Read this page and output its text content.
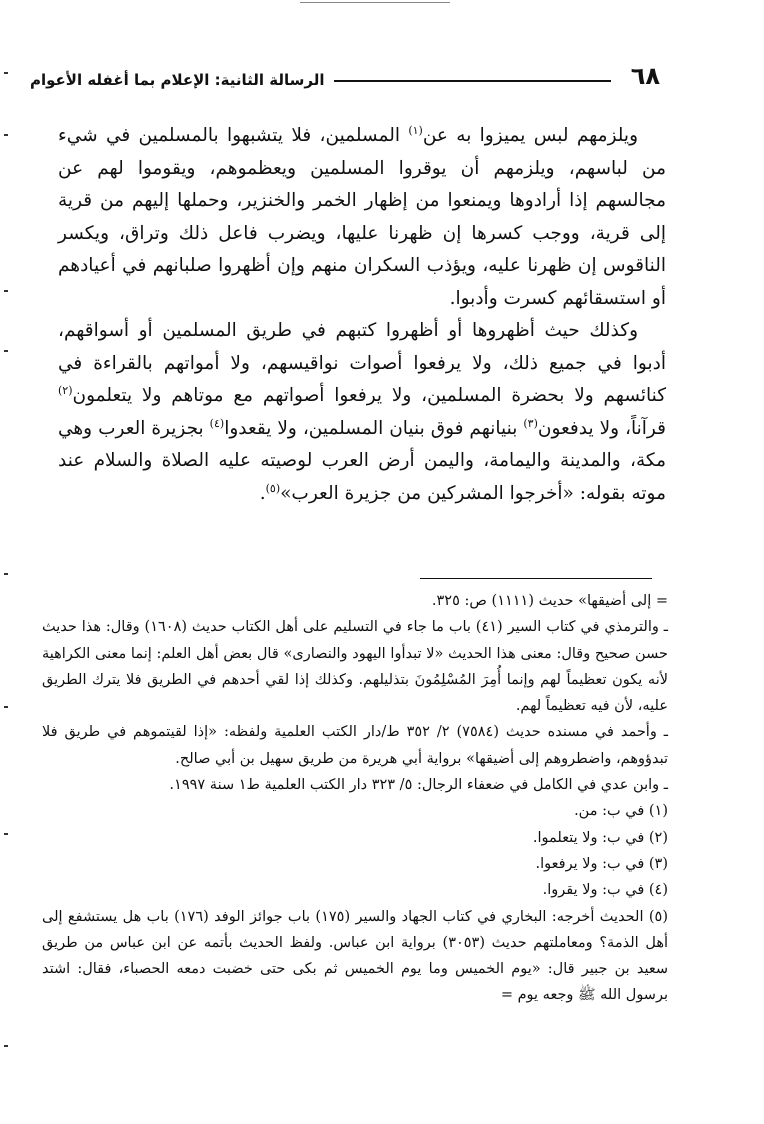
٦٨
الرسالة الثانية: الإعلام بما أغفله الأعوام

ويلزمهم لبس يميزوا به عن$^{(١)}$ المسلمين، فلا يتشبهوا بالمسلمين في شيء من لباسهم، ويلزمهم أن يوقروا المسلمين ويعظموهم، ويقوموا لهم عن مجالسهم إذا أرادوها ويمنعوا من إظهار الخمر والخنزير، وحملها إليهم من قرية إلى قرية، ووجب كسرها إن ظهرنا عليها، ويضرب فاعل ذلك وتراق، ويكسر الناقوس إن ظهرنا عليه، ويؤذب السكران منهم وإن أظهروا صلبانهم في أعيادهم أو استسقائهم كسرت وأدبوا.

وكذلك حيث أظهروها أو أظهروا كتبهم في طريق المسلمين أو أسواقهم، أدبوا في جميع ذلك، ولا يرفعوا أصوات نواقيسهم، ولا أمواتهم بالقراءة في كنائسهم ولا بحضرة المسلمين، ولا يرفعوا أصواتهم مع موتاهم ولا يتعلمون$^{(٢)}$ قرآناً، ولا يدفعون$^{(٣)}$ بنيانهم فوق بنيان المسلمين، ولا يقعدوا$^{(٤)}$ بجزيرة العرب وهي مكة، والمدينة واليمامة، واليمن أرض العرب لوصيته عليه الصلاة والسلام عند موته بقوله: «أخرجوا المشركين من جزيرة العرب»$^{(٥)}$.

= إلى أضيقها» حديث (١١١١) ص: ٣٢٥.

ـ والترمذي في كتاب السير (٤١) باب ما جاء في التسليم على أهل الكتاب حديث (١٦٠٨) وقال: هذا حديث حسن صحيح وقال: معنى هذا الحديث «لا تبدأوا اليهود والنصارى» قال بعض أهل العلم: إنما معنى الكراهية لأنه يكون تعظيماً لهم وإنما أُمِرَ المُسْلِمُونَ بتذليلهم. وكذلك إذا لقي أحدهم في الطريق فلا يترك الطريق عليه، لأن فيه تعظيماً لهم.

ـ وأحمد في مسنده حديث (٧٥٨٤) ٢/ ٣٥٢ ط/دار الكتب العلمية ولفظه: «إذا لقيتموهم في طريق فلا تبدؤوهم، واضطروهم إلى أضيقها» برواية أبي هريرة من طريق سهيل بن أبي صالح.

ـ وابن عدي في الكامل في ضعفاء الرجال: ٥/ ٣٢٣ دار الكتب العلمية ط١ سنة ١٩٩٧.

(١) في ب: من.

(٢) في ب: ولا يتعلموا.

(٣) في ب: ولا يرفعوا.

(٤) في ب: ولا يقروا.

(٥) الحديث أخرجه: البخاري في كتاب الجهاد والسير (١٧٥) باب جوائز الوفد (١٧٦) باب هل يستشفع إلى أهل الذمة؟ ومعاملتهم حديث (٣٠٥٣) برواية ابن عباس. ولفظ الحديث بأتمه عن ابن عباس من طريق سعيد بن جبير قال: «يوم الخميس وما يوم الخميس ثم بكى حتى خضبت دمعه الحصباء، فقال: اشتد برسول الله ﷺ وجعه يوم =
